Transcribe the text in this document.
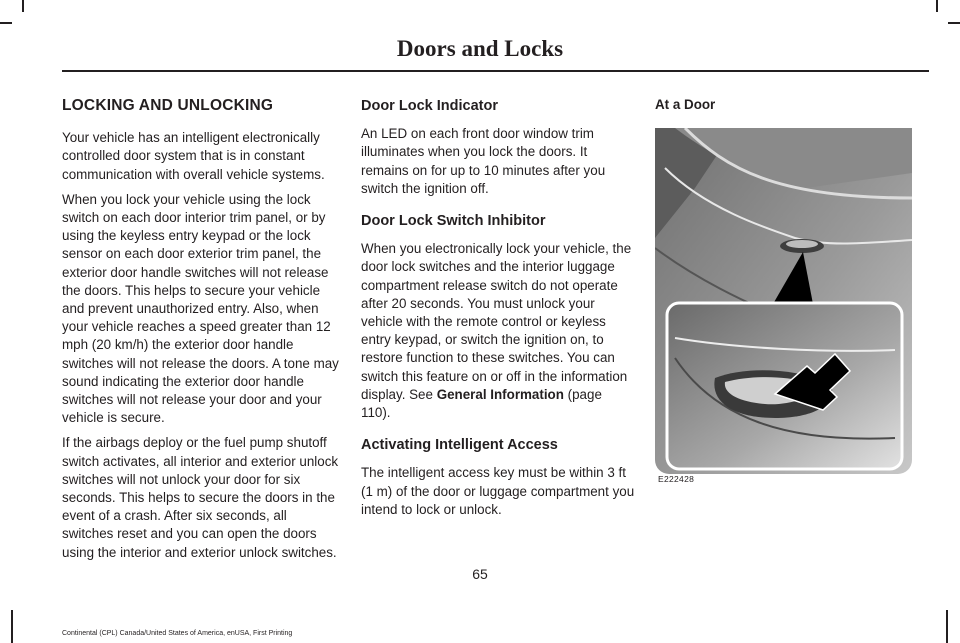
Doors and Locks
LOCKING AND UNLOCKING

Your vehicle has an intelligent electronically controlled door system that is in constant communication with overall vehicle systems.

When you lock your vehicle using the lock switch on each door interior trim panel, or by using the keyless entry keypad or the lock sensor on each door exterior trim panel, the exterior door handle switches will not release the doors. This helps to secure your vehicle and prevent unauthorized entry. Also, when your vehicle reaches a speed greater than 12 mph (20 km/h) the exterior door handle switches will not release the doors. A tone may sound indicating the exterior door handle switches will not release your door and your vehicle is secure.

If the airbags deploy or the fuel pump shutoff switch activates, all interior and exterior unlock switches will not unlock your door for six seconds. This helps to secure the doors in the event of a crash. After six seconds, all switches reset and you can open the doors using the interior and exterior unlock switches.

Door Lock Indicator

An LED on each front door window trim illuminates when you lock the doors. It remains on for up to 10 minutes after you switch the ignition off.

Door Lock Switch Inhibitor

When you electronically lock your vehicle, the door lock switches and the interior luggage compartment release switch do not operate after 20 seconds. You must unlock your vehicle with the remote control or keyless entry keypad, or switch the ignition on, to restore function to these switches. You can switch this feature on or off in the information display. See General Information (page 110).

Activating Intelligent Access

The intelligent access key must be within 3 ft (1 m) of the door or luggage compartment you intend to lock or unlock.

At a Door
E222428
65
Continental (CPL) Canada/United States of America, enUSA, First Printing
